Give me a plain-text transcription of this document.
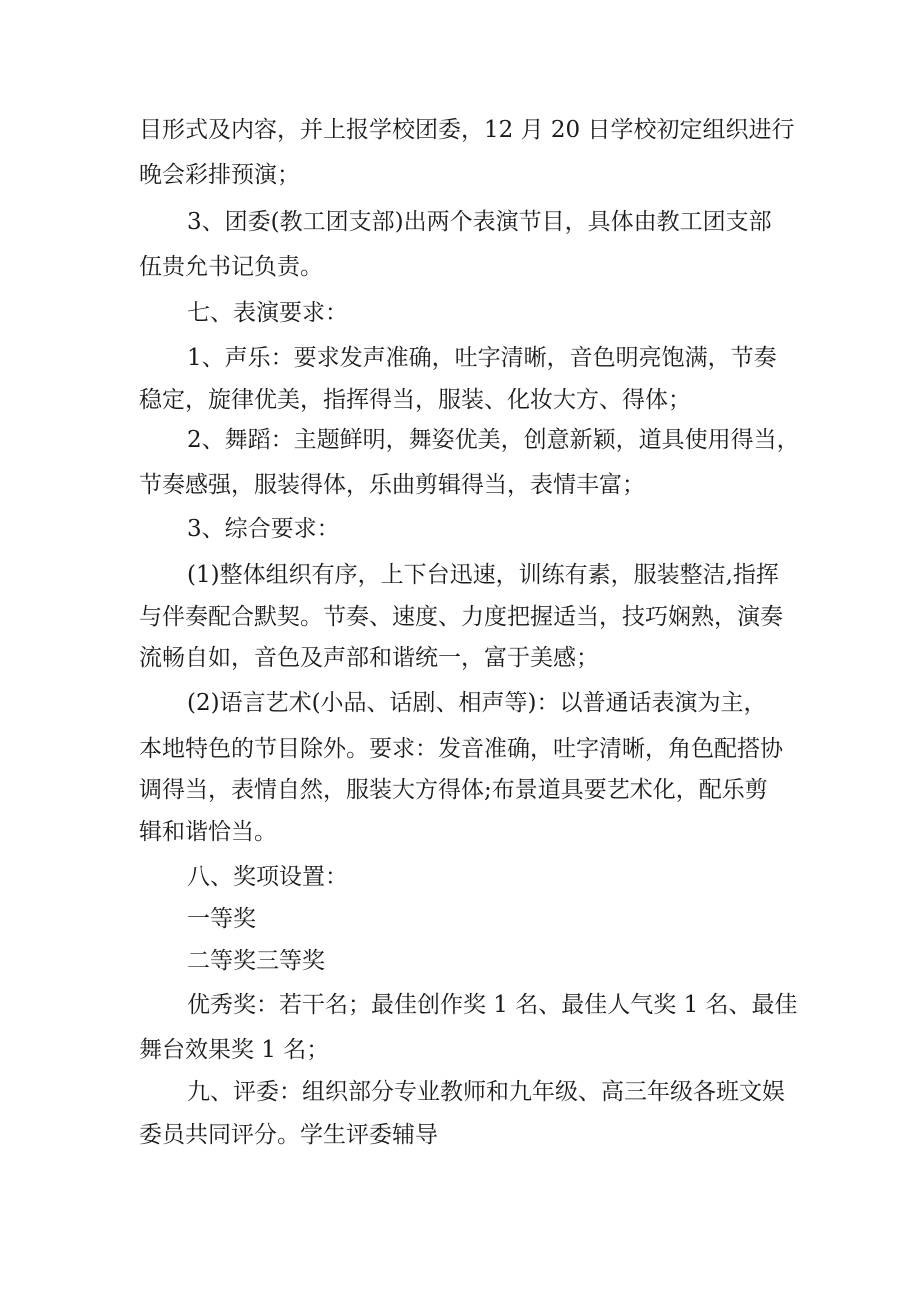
目形式及内容，并上报学校团委，12 月 20 日学校初定组织进行
晚会彩排预演；
3、团委(教工团支部)出两个表演节目，具体由教工团支部
伍贵允书记负责。
七、表演要求：
1、声乐：要求发声准确，吐字清晰，音色明亮饱满，节奏
稳定，旋律优美，指挥得当，服装、化妆大方、得体；
2、舞蹈：主题鲜明，舞姿优美，创意新颖，道具使用得当，
节奏感强，服装得体，乐曲剪辑得当，表情丰富；
3、综合要求：
(1)整体组织有序，上下台迅速，训练有素，服装整洁,指挥
与伴奏配合默契。节奏、速度、力度把握适当，技巧娴熟，演奏
流畅自如，音色及声部和谐统一，富于美感；
(2)语言艺术(小品、话剧、相声等)：以普通话表演为主，
本地特色的节目除外。要求：发音准确，吐字清晰，角色配搭协
调得当，表情自然，服装大方得体;布景道具要艺术化，配乐剪
辑和谐恰当。
八、奖项设置：
一等奖
二等奖三等奖
优秀奖：若干名；最佳创作奖 1 名、最佳人气奖 1 名、最佳
舞台效果奖 1 名；
九、评委：组织部分专业教师和九年级、高三年级各班文娱
委员共同评分。学生评委辅导
